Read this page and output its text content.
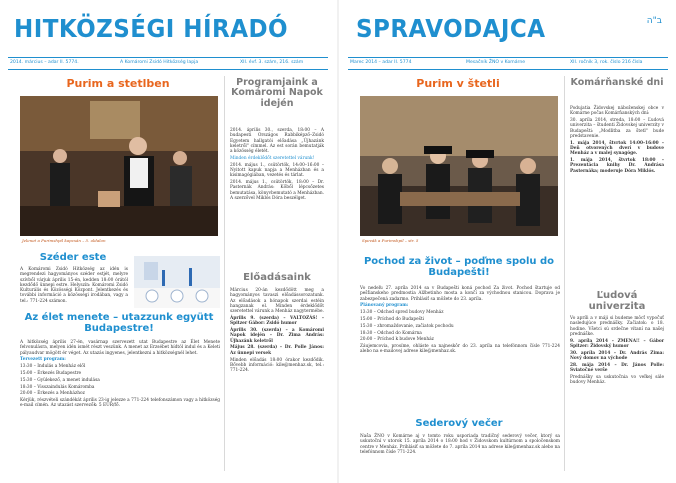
HITKÖZSÉGI HÍRADÓ
2014. március – adar II. 5774.	A Komáromi Zsidó Hitközség lapja	XII. évf. 3. szám, 216. szám
Purim a stetlben
Jelenet a Purimshpil kapcsán – 5. oldalon
Széder este
A Komáromi Zsidó Hitközség az idén is megrendezi hagyományos széder estjét, melyre szívből várjuk április 15-én, kedden 18:00 órától kezdődő ünnepi estre. Helyszín: Komáromi Zsidó Kulturális és Közösségi Központ. Jelentkezés és további információ a közösségi irodában, vagy a tel.: 771-224 számon.
Az élet menete – utazzunk együtt Budapestre!

A hitközség április 27-én, vasárnap szervezett utat Budapestre az Élet Menete felvonulásra, melyen idén ismét részt veszünk. A menet az Erzsébet hídtól indul és a Keleti pályaudvar mögött ér véget. Az utazás ingyenes, jelentkezni a hitközségnél lehet.

Tervezett program:

13:30 – Indulás a Menház elől

15:00 – Érkezés Budapestre

15:30 – Gyülekező, a menet indulása

18:30 – Visszaindulás Komáromba

20:00 – Érkezés a Menházhoz

Kérjük, részvételi szándékát április 23-ig jelezze a 771-224 telefonszámon vagy a hitközség e-mail címén. Az utazást szervezők: 5 EUR/fő.

Programjaink a Komáromi Napok idején

2014. április 30., szerda, 18:00 – A budapesti Országos Rabbiképző–Zsidó Egyetem hallgatói előadása „Újhazánk keletről" címmel. Az est során bemutatják a közösség életét.

Minden érdeklődőt szeretettel várunk!

2014. május 1., csütörtök, 14:00–16:00 – Nyitott kapuk napja a Menházban és a kisimagógiában, vezetés és tárlat.

2014. május 1., csütörtök, 18:00 – Dr. Pasternák András: Kőből lépcsőzetes bemutatása, könyvbemutató a Menházban. A szerzővel Miklós Dóra beszélget.

Előadásaink

Március 20-án kezdődött meg a hagyományos tavaszi előadássorozatunk. Az előadások a hónapok szerdai estéin hangzanak el. Minden érdeklődőt szeretettel várunk a Menház nagytermébe.

Április 9. (szerda) – VALTOZÁS! – Spitzer Gábor: Zsidó humor

Április 30. (szerda) – a Komáromi Napok idején – Dr. Zima András: Újhazánk keletről

Május 28. (szerda) – Dr. Polle János: Az ünnepi versek

Minden előadás 18:00 órakor kezdődik. Bővebb információ: kile@menhaz.sk, tel.: 771-224.

SPRAVODAJCA	ב"ה
Marec 2014 – adar II. 5774	Mesačník ŽNO v Komárne	XII. ročník 3, rok. číslo 216 čísla
Purim v štetli
Spevák a Purimshpil – str. 5
Pochod za život – poďme spolu do Budapešti!

Vo nedeľu 27. apríla 2014 sa v Budapešti koná pochod Za život. Pochod štartuje od pešťianskeho predmostia Alžbetinho mosta a končí za východnou stanicou. Doprava je zabezpečená zadarmo. Prihlásiť sa môžete do 23. apríla.

Plánovaný program:

13:30 – Odchod spred budovy Menház

15:00 – Príchod do Budapešti

15:30 – zhromaždovanie, začiatok pochodu

18:30 – Odchod do Komárna

20:00 – Príchod k budove Menház

Záujemcovia, prosíme, ohláste sa najneskôr do 23. apríla na telefónnom čísle 771-224 alebo na e-mailovej adrese kile@menhaz.sk.

Sederový večer
Naša ŽNO v Komárne aj v tomto roku usporiada tradičný sederový večer, ktorý sa uskutoční v utorok 15. apríla 2014 o 18:00 hod v Židovskom kultúrnom a spoločenskom centre v Menház. Prihlásiť sa môžete do 7. apríla 2014 na adrese kile@menhaz.sk alebo na telefónnom čísle 771-224.
Komárňanské dni

Podujatia Židovskej náboženskej obce v Komárne počas Komárňanských dní:

30. apríla 2014, streda, 18:00 – Ľudová univerzita – študenti Židovskej univerzity v Budapešti: „Modlitba za štetl" bude predstavenie.

1. mája 2014, štvrtok 14:00–16:00 – Deň otvorených dverí v budove Menház a v malej synagóge.

1. mája 2014, štvrtok 18:00 – Prezentácia knihy Dr. Andrása Pasternáka; moderuje Dóra Miklós.

Ľudová univerzita

Vo apríli a v máji si budeme môcť vypočuť nasledujúce prednášky. Začiatok: o 18. hodine. Všetci sú srdečne vítaní na našej prednáške.

9. apríla 2014 – ZMENA!! – Gábor Spitzer: Židovský humor

30. apríla 2014 – Dr. András Zima: Nový domov na východe

28. mája 2014 – Dr. János Polle: Sviatočné verše

Prednášky sa uskutočnia vo veľkej sále budovy Menház.
